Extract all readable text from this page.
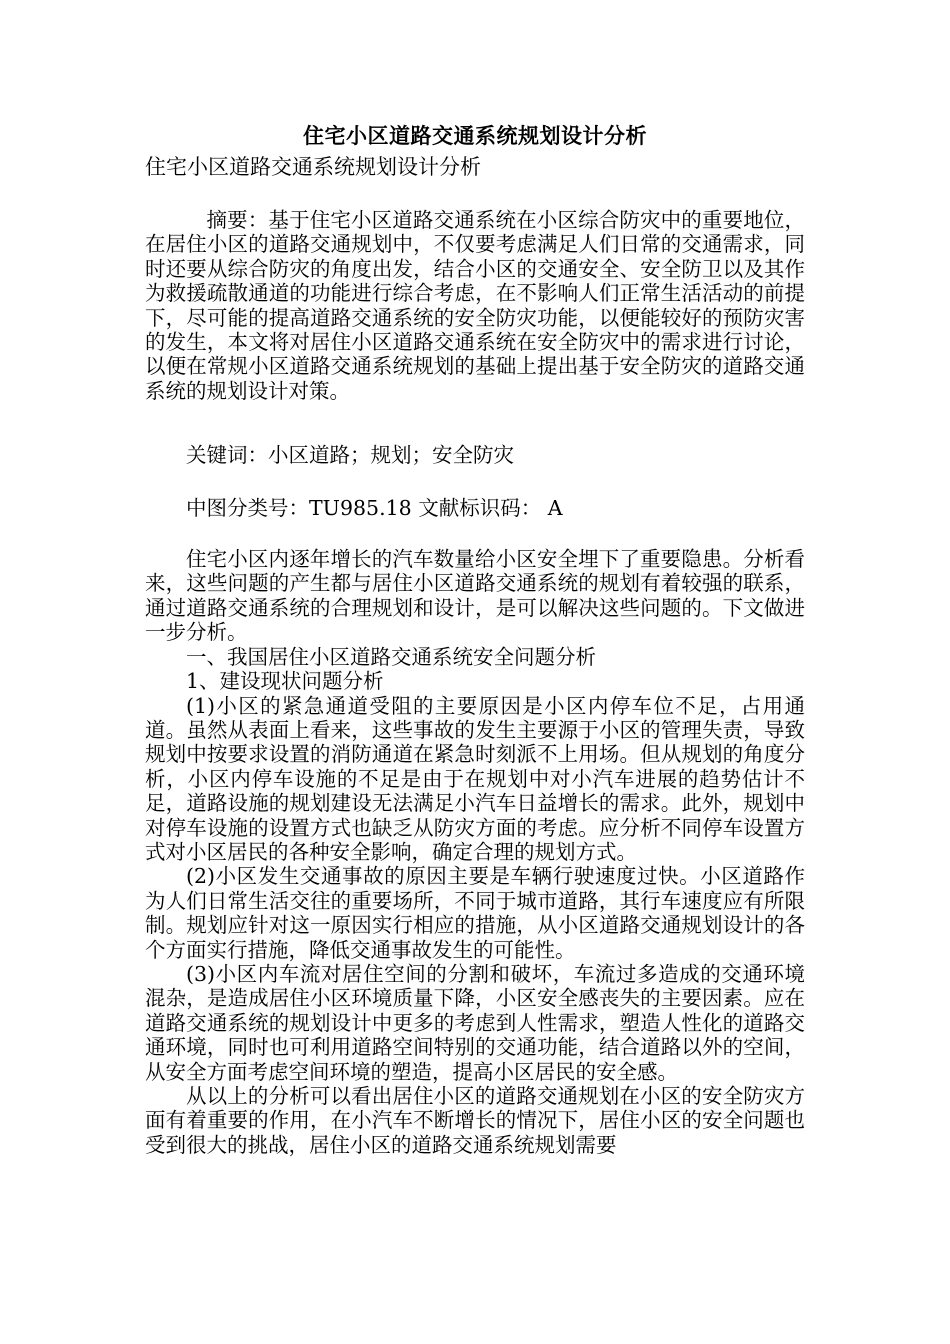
住宅小区道路交通系统规划设计分析

住宅小区道路交通系统规划设计分析

摘要：基于住宅小区道路交通系统在小区综合防灾中的重要地位，在居住小区的道路交通规划中，不仅要考虑满足人们日常的交通需求，同时还要从综合防灾的角度出发，结合小区的交通安全、安全防卫以及其作为救援疏散通道的功能进行综合考虑，在不影响人们正常生活活动的前提下，尽可能的提高道路交通系统的安全防灾功能，以便能较好的预防灾害的发生，本文将对居住小区道路交通系统在安全防灾中的需求进行讨论，以便在常规小区道路交通系统规划的基础上提出基于安全防灾的道路交通系统的规划设计对策。

关键词：小区道路；规划；安全防灾

中图分类号：TU985.18 文献标识码： A

住宅小区内逐年增长的汽车数量给小区安全埋下了重要隐患。分析看来，这些问题的产生都与居住小区道路交通系统的规划有着较强的联系，通过道路交通系统的合理规划和设计，是可以解决这些问题的。下文做进一步分析。

一、我国居住小区道路交通系统安全问题分析

1、建设现状问题分析

(1)小区的紧急通道受阻的主要原因是小区内停车位不足，占用通道。虽然从表面上看来，这些事故的发生主要源于小区的管理失责，导致规划中按要求设置的消防通道在紧急时刻派不上用场。但从规划的角度分析，小区内停车设施的不足是由于在规划中对小汽车进展的趋势估计不足，道路设施的规划建设无法满足小汽车日益增长的需求。此外，规划中对停车设施的设置方式也缺乏从防灾方面的考虑。应分析不同停车设置方式对小区居民的各种安全影响，确定合理的规划方式。

(2)小区发生交通事故的原因主要是车辆行驶速度过快。小区道路作为人们日常生活交往的重要场所，不同于城市道路，其行车速度应有所限制。规划应针对这一原因实行相应的措施，从小区道路交通规划设计的各个方面实行措施，降低交通事故发生的可能性。

(3)小区内车流对居住空间的分割和破坏，车流过多造成的交通环境混杂，是造成居住小区环境质量下降，小区安全感丧失的主要因素。应在道路交通系统的规划设计中更多的考虑到人性需求，塑造人性化的道路交通环境，同时也可利用道路空间特别的交通功能，结合道路以外的空间，从安全方面考虑空间环境的塑造，提高小区居民的安全感。

从以上的分析可以看出居住小区的道路交通规划在小区的安全防灾方面有着重要的作用，在小汽车不断增长的情况下，居住小区的安全问题也受到很大的挑战，居住小区的道路交通系统规划需要
